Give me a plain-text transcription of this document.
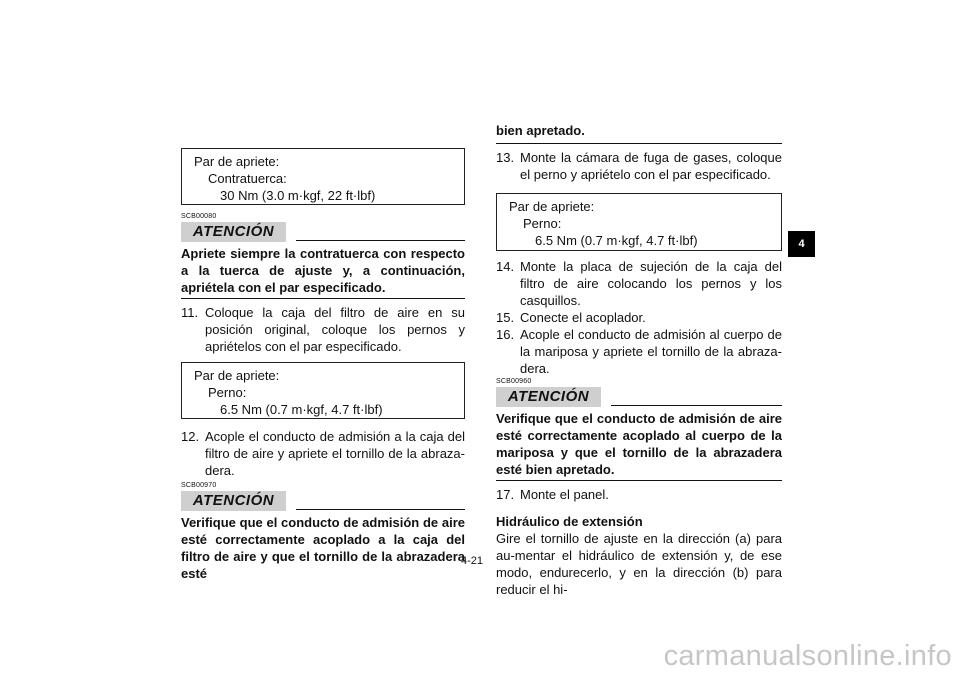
Par de apriete:
Contratuerca:
30 Nm (3.0 m·kgf, 22 ft·lbf)
SCB00080
ATENCIÓN
Apriete siempre la contratuerca con respecto a la tuerca de ajuste y, a continuación, apriétela con el par especificado.
11. Coloque la caja del filtro de aire en su posición original, coloque los pernos y apriételos con el par especificado.
Par de apriete:
Perno:
6.5 Nm (0.7 m·kgf, 4.7 ft·lbf)
12. Acople el conducto de admisión a la caja del filtro de aire y apriete el tornillo de la abraza-dera.
SCB00970
ATENCIÓN
Verifique que el conducto de admisión de aire esté correctamente acoplado a la caja del filtro de aire y que el tornillo de la abrazadera esté
bien apretado.
13. Monte la cámara de fuga de gases, coloque el perno y apriételo con el par especificado.
Par de apriete:
Perno:
6.5 Nm (0.7 m·kgf, 4.7 ft·lbf)
14. Monte la placa de sujeción de la caja del filtro de aire colocando los pernos y los casquillos.
15. Conecte el acoplador.
16. Acople el conducto de admisión al cuerpo de la mariposa y apriete el tornillo de la abraza-dera.
SCB00960
ATENCIÓN
Verifique que el conducto de admisión de aire esté correctamente acoplado al cuerpo de la mariposa y que el tornillo de la abrazadera esté bien apretado.
17. Monte el panel.
Hidráulico de extensión
Gire el tornillo de ajuste en la dirección (a) para au-mentar el hidráulico de extensión y, de ese modo, endurecerlo, y en la dirección (b) para reducir el hi-
4
4-21
carmanualsonline.info
